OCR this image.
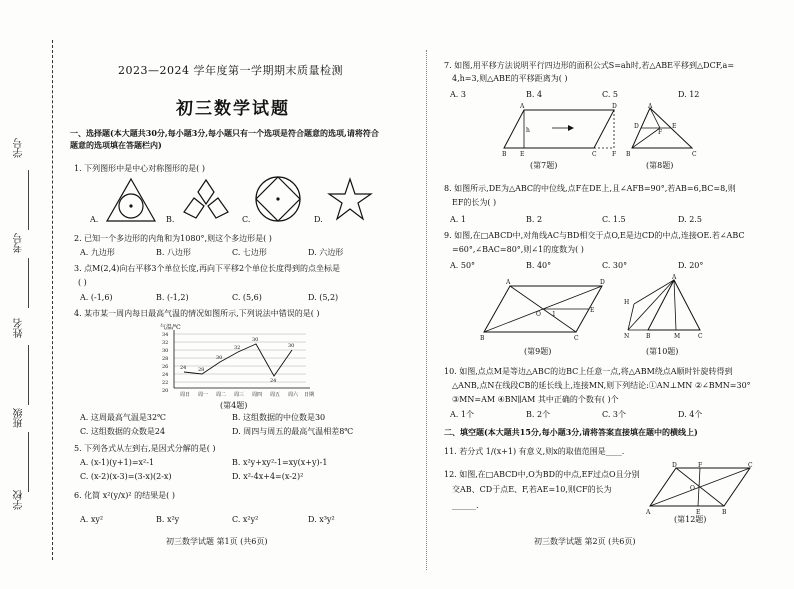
学号
考号
姓名
班级
学校
2023—2024 学年度第一学期期末质量检测
初三数学试题
一、选择题(本大题共30分,每小题3分,每小题只有一个选项是符合题意的选项,请将符合题意的选项填在答题栏内)
1. 下列图形中是中心对称图形的是( )
A.	B.	C.	D.
2. 已知一个多边形的内角和为1080°,则这个多边形是( )
A. 九边形	B. 八边形	C. 七边形	D. 六边形
3. 点M(2,4)向右平移3个单位长度,再向下平移2个单位长度得到的点坐标是
( )
A. (-1,6)	B. (-1,2)	C. (5,6)	D. (5,2)
4. 某市某一周内每日最高气温的情况如图所示,下列说法中错误的是( )
气温/℃
34
32
30
28
26
24
22
20
周日 周一 周二 周三 周四 周五 周六 日期
24 28
30
32
30
24
30
(第4题)
A. 这周最高气温是32℃	B. 这组数据的中位数是30
C. 这组数据的众数是24	D. 周四与周五的最高气温相差8℃
5. 下列各式从左到右,是因式分解的是( )
A. (x-1)(y+1)=x²-1	B. x²y+xy²-1=xy(x+y)-1
C. (x-2)(x-3)=(3-x)(2-x)	D. x²-4x+4=(x-2)²
6. 化简 x²(y/x)² 的结果是( )
A. xy²	B. x²y	C. x²y²	D. x³y²
初三数学试题 第1页 (共6页)
7. 如图,用平移方法说明平行四边形的面积公式S=ah时,若△ABE平移到△DCF,a=
4,h=3,则△ABE的平移距离为( )
A. 3	B. 4	C. 5	D. 12
A	D
B E	C	F
h
(第7题)
A
D	E
F
B	C
(第8题)
8. 如图所示,DE为△ABC的中位线,点F在DE上,且∠AFB=90°,若AB=6,BC=8,则
EF的长为( )
A. 1	B. 2	C. 1.5	D. 2.5
9. 如图,在□ABCD中,对角线AC与BD相交于点O,E是边CD的中点,连接OE.若∠ABC
=60°,∠BAC=80°,则∠1的度数为( )
A. 50°	B. 40°	C. 30°	D. 20°
A	D
B	C
O
E
1
(第9题)
A
H
N	B	M	C
(第10题)
10. 如图,点点M是等边△ABC的边BC上任意一点,将△ABM绕点A顺时针旋转得到
△ANB,点N在线段CB的延长线上,连接MN,则下列结论:①AN⊥MN ②∠BMN=30°
③MN=AM ④BN∥AM 其中正确的个数有( )个
A. 1个	B. 2个	C. 3个	D. 4个
二、填空题(本大题共15分,每小题3分,请将答案直接填在题中的横线上)
11. 若分式 1/(x+1) 有意义,则x的取值范围是____.
12. 如图,在□ABCD中,O为BD的中点,EF过点O且分别
交AB、CD于点E、F,若AE=10,则CF的长为
______.
D	F	C
A	E	B
O
(第12题)
初三数学试题 第2页 (共6页)
